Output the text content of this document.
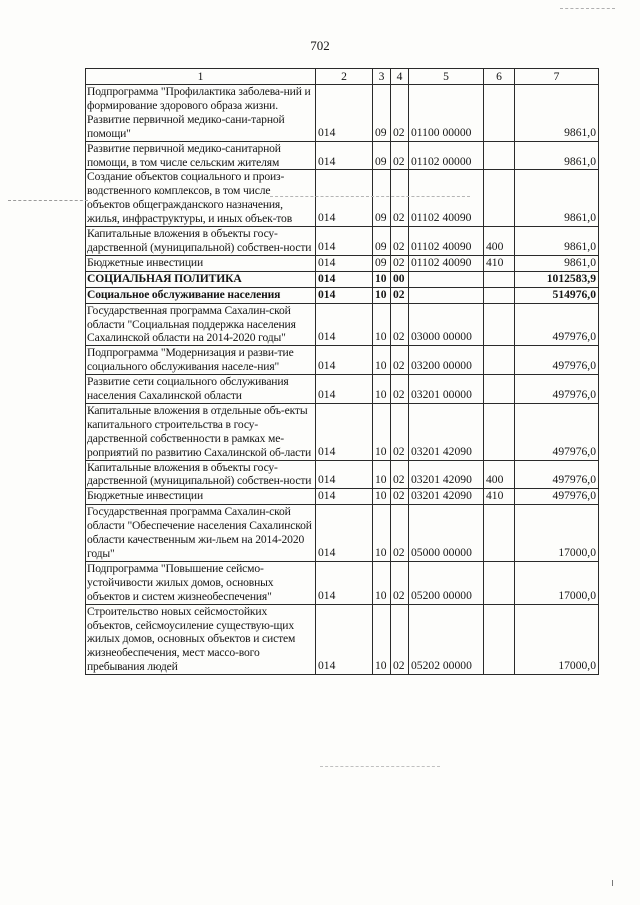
702
1	2	3	4	5	6	7
Подпрограмма "Профилактика заболева-ний и формирование здорового образа жизни. Развитие первичной медико-сани-тарной помощи"	014	09	02	01100 00000		9861,0
Развитие первичной медико-санитарной помощи, в том числе сельским жителям	014	09	02	01102 00000		9861,0
Создание объектов социального и произ-водственного комплексов, в том числе объектов общегражданского назначения, жилья, инфраструктуры, и иных объек-тов	014	09	02	01102 40090		9861,0
Капитальные вложения в объекты госу-дарственной (муниципальной) собствен-ности	014	09	02	01102 40090	400	9861,0
Бюджетные инвестиции	014	09	02	01102 40090	410	9861,0
СОЦИАЛЬНАЯ ПОЛИТИКА	014	10	00			1012583,9
Социальное обслуживание населения	014	10	02			514976,0
Государственная программа Сахалин-ской области "Социальная поддержка населения Сахалинской области на 2014-2020 годы"	014	10	02	03000 00000		497976,0
Подпрограмма "Модернизация и разви-тие социального обслуживания населе-ния"	014	10	02	03200 00000		497976,0
Развитие сети социального обслуживания населения Сахалинской области	014	10	02	03201 00000		497976,0
Капитальные вложения в отдельные объ-екты капитального строительства в госу-дарственной собственности в рамках ме-роприятий по развитию Сахалинской об-ласти	014	10	02	03201 42090		497976,0
Капитальные вложения в объекты госу-дарственной (муниципальной) собствен-ности	014	10	02	03201 42090	400	497976,0
Бюджетные инвестиции	014	10	02	03201 42090	410	497976,0
Государственная программа Сахалин-ской области "Обеспечение населения Сахалинской области качественным жи-льем на 2014-2020 годы"	014	10	02	05000 00000		17000,0
Подпрограмма "Повышение сейсмо-устойчивости жилых домов, основных объектов и систем жизнеобеспечения"	014	10	02	05200 00000		17000,0
Строительство новых сейсмостойких объектов, сейсмоусиление существую-щих жилых домов, основных объектов и систем жизнеобеспечения, мест массо-вого пребывания людей	014	10	02	05202 00000		17000,0
